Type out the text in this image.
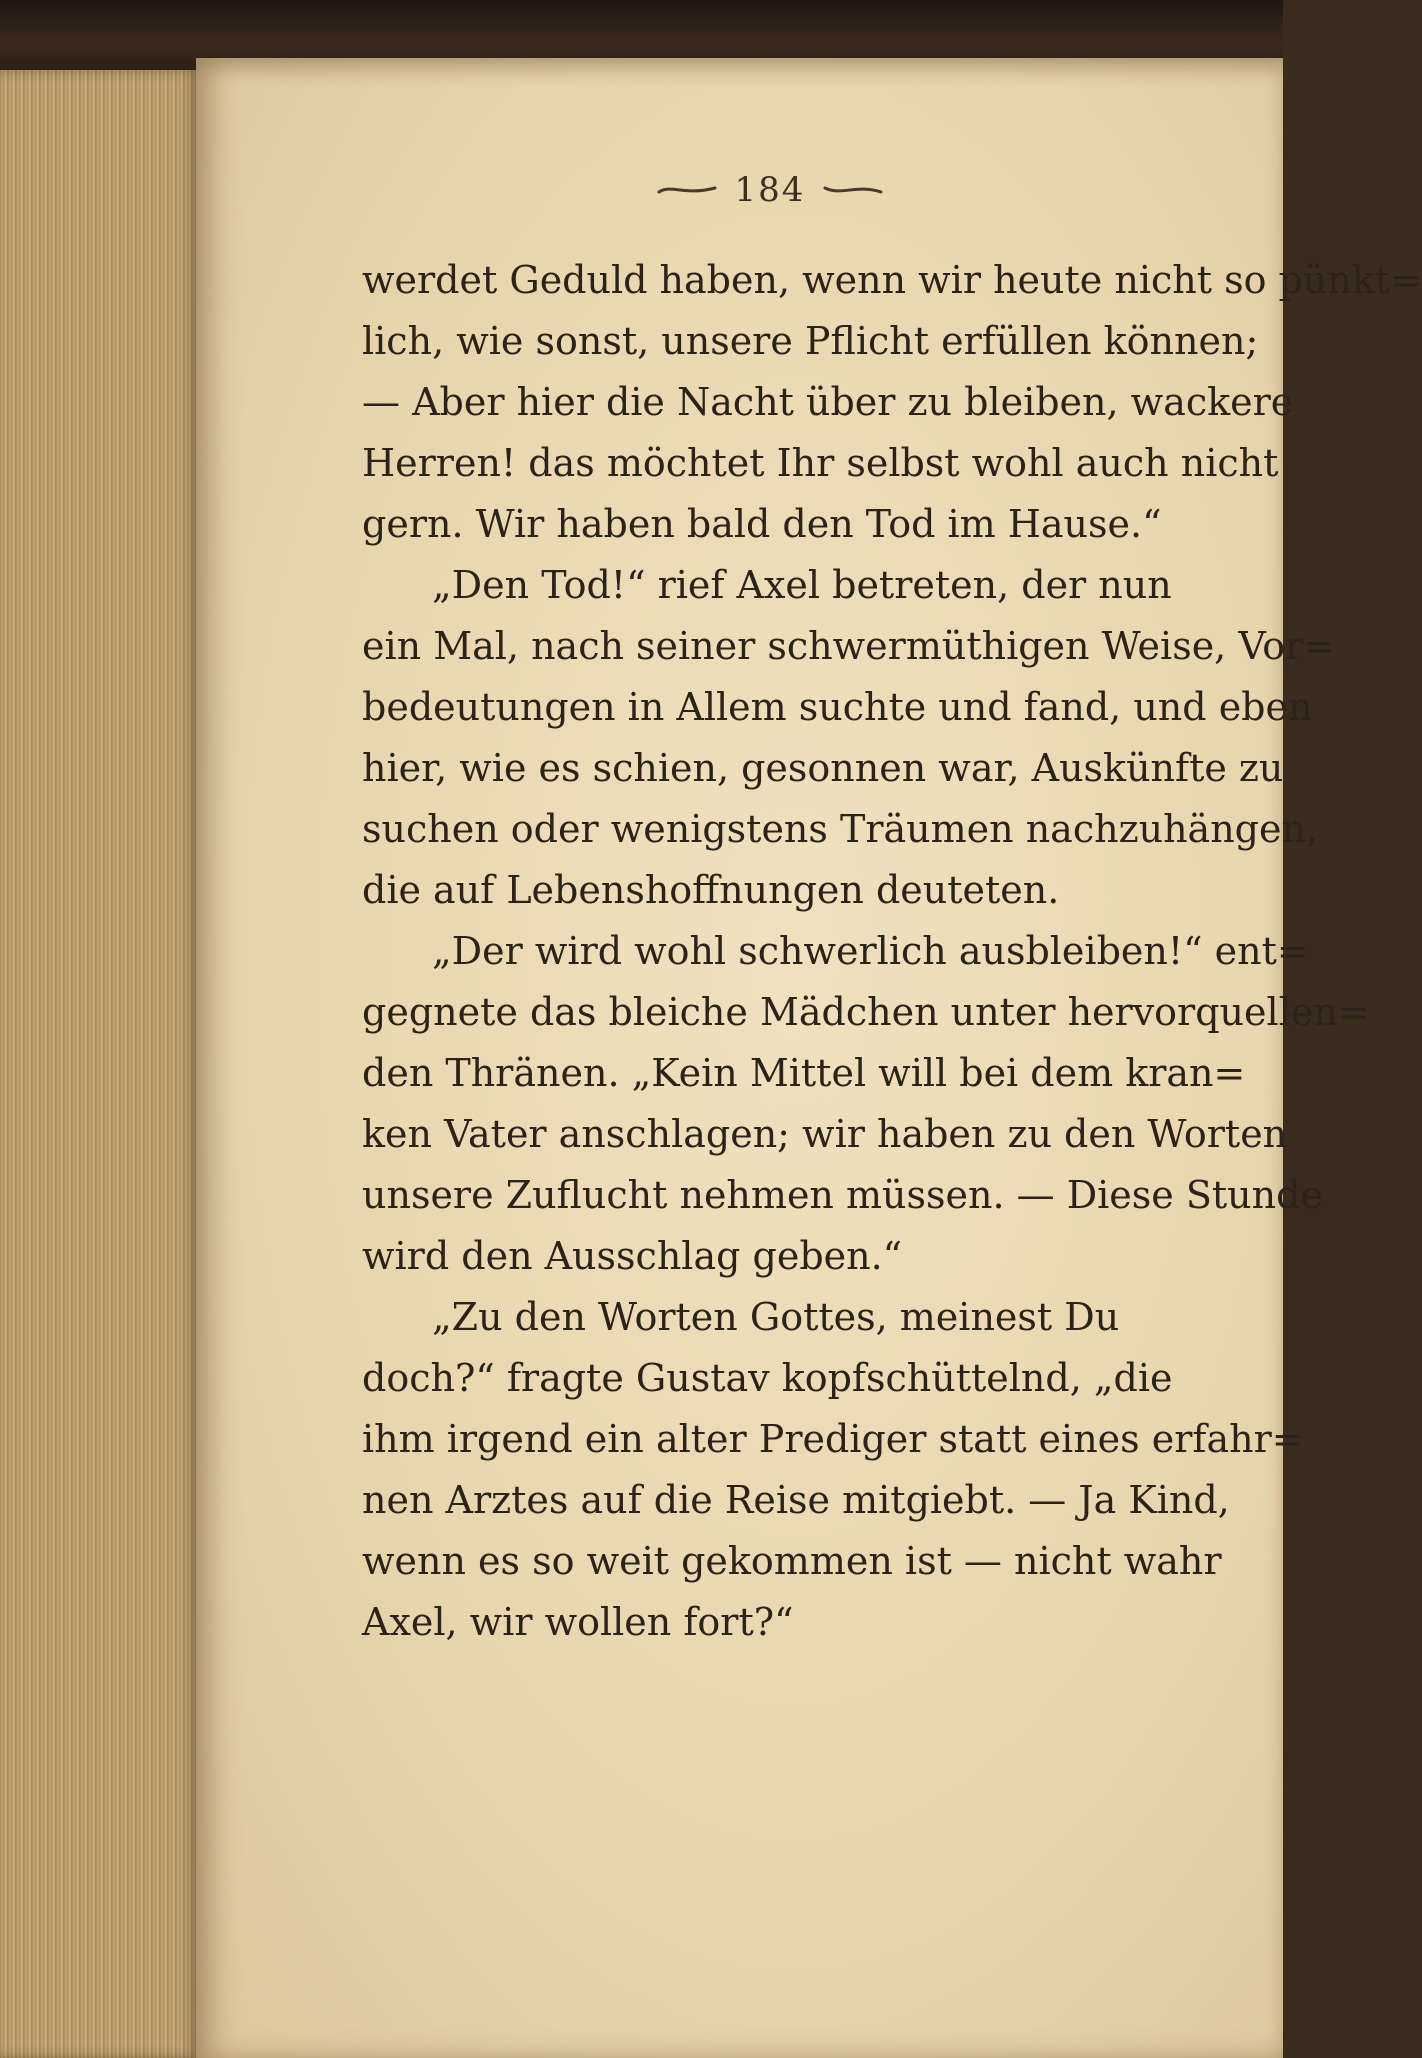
184
werdet Geduld haben, wenn wir heute nicht so pünkt=
lich, wie sonst, unsere Pflicht erfüllen können;
— Aber hier die Nacht über zu bleiben, wackere
Herren! das möchtet Ihr selbst wohl auch nicht
gern. Wir haben bald den Tod im Hause.“
„Den Tod!“ rief Axel betreten, der nun
ein Mal, nach seiner schwermüthigen Weise, Vor=
bedeutungen in Allem suchte und fand, und eben
hier, wie es schien, gesonnen war, Auskünfte zu
suchen oder wenigstens Träumen nachzuhängen,
die auf Lebenshoffnungen deuteten.
„Der wird wohl schwerlich ausbleiben!“ ent=
gegnete das bleiche Mädchen unter hervorquellen=
den Thränen. „Kein Mittel will bei dem kran=
ken Vater anschlagen; wir haben zu den Worten
unsere Zuflucht nehmen müssen. — Diese Stunde
wird den Ausschlag geben.“
„Zu den Worten Gottes, meinest Du
doch?“ fragte Gustav kopfschüttelnd, „die
ihm irgend ein alter Prediger statt eines erfahr=
nen Arztes auf die Reise mitgiebt. — Ja Kind,
wenn es so weit gekommen ist — nicht wahr
Axel, wir wollen fort?“
